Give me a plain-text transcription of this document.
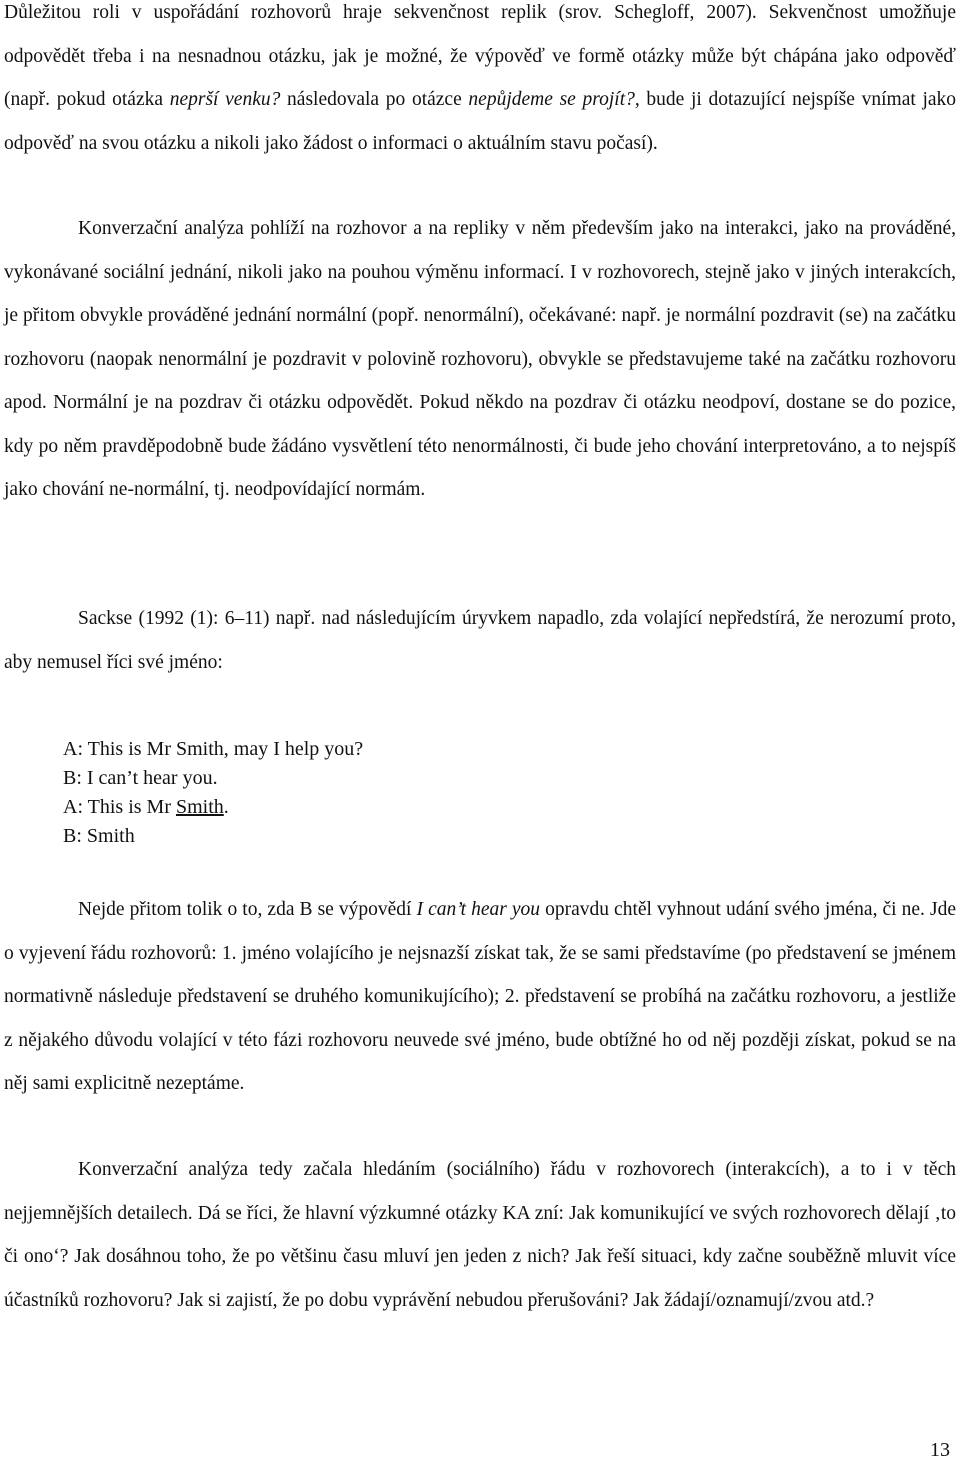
Důležitou roli v uspořádání rozhovorů hraje sekvenčnost replik (srov. Schegloff, 2007). Sekvenčnost umožňuje odpovědět třeba i na nesnadnou otázku, jak je možné, že výpověď ve formě otázky může být chápána jako odpověď (např. pokud otázka neprší venku? následovala po otázce nepůjdeme se projít?, bude ji dotazující nejspíše vnímat jako odpověď na svou otázku a nikoli jako žádost o informaci o aktuálním stavu počasí).

Konverzační analýza pohlíží na rozhovor a na repliky v něm především jako na interakci, jako na prováděné, vykonávané sociální jednání, nikoli jako na pouhou výměnu informací. I v rozhovorech, stejně jako v jiných interakcích, je přitom obvykle prováděné jednání normální (popř. nenormální), očekávané: např. je normální pozdravit (se) na začátku rozhovoru (naopak nenormální je pozdravit v polovině rozhovoru), obvykle se představujeme také na začátku rozhovoru apod. Normální je na pozdrav či otázku odpovědět. Pokud někdo na pozdrav či otázku neodpoví, dostane se do pozice, kdy po něm pravděpodobně bude žádáno vysvětlení této nenormálnosti, či bude jeho chování interpretováno, a to nejspíš jako chování ne-normální, tj. neodpovídající normám.

Sackse (1992 (1): 6–11) např. nad následujícím úryvkem napadlo, zda volající nepředstírá, že nerozumí proto, aby nemusel říci své jméno:

A: This is Mr Smith, may I help you?
B: I can’t hear you.
A: This is Mr Smith.
B: Smith

Nejde přitom tolik o to, zda B se výpovědí I can’t hear you opravdu chtěl vyhnout udání svého jména, či ne. Jde o vyjevení řádu rozhovorů: 1. jméno volajícího je nejsnazší získat tak, že se sami představíme (po představení se jménem normativně následuje představení se druhého komunikujícího); 2. představení se probíhá na začátku rozhovoru, a jestliže z nějakého důvodu volající v této fázi rozhovoru neuvede své jméno, bude obtížné ho od něj později získat, pokud se na něj sami explicitně nezeptáme.

Konverzační analýza tedy začala hledáním (sociálního) řádu v rozhovorech (interakcích), a to i v těch nejjemnějších detailech. Dá se říci, že hlavní výzkumné otázky KA zní: Jak komunikující ve svých rozhovorech dělají ‚to či ono‘? Jak dosáhnou toho, že po většinu času mluví jen jeden z nich? Jak řeší situaci, kdy začne souběžně mluvit více účastníků rozhovoru? Jak si zajistí, že po dobu vyprávění nebudou přerušováni? Jak žádají/oznamují/zvou atd.?

13
